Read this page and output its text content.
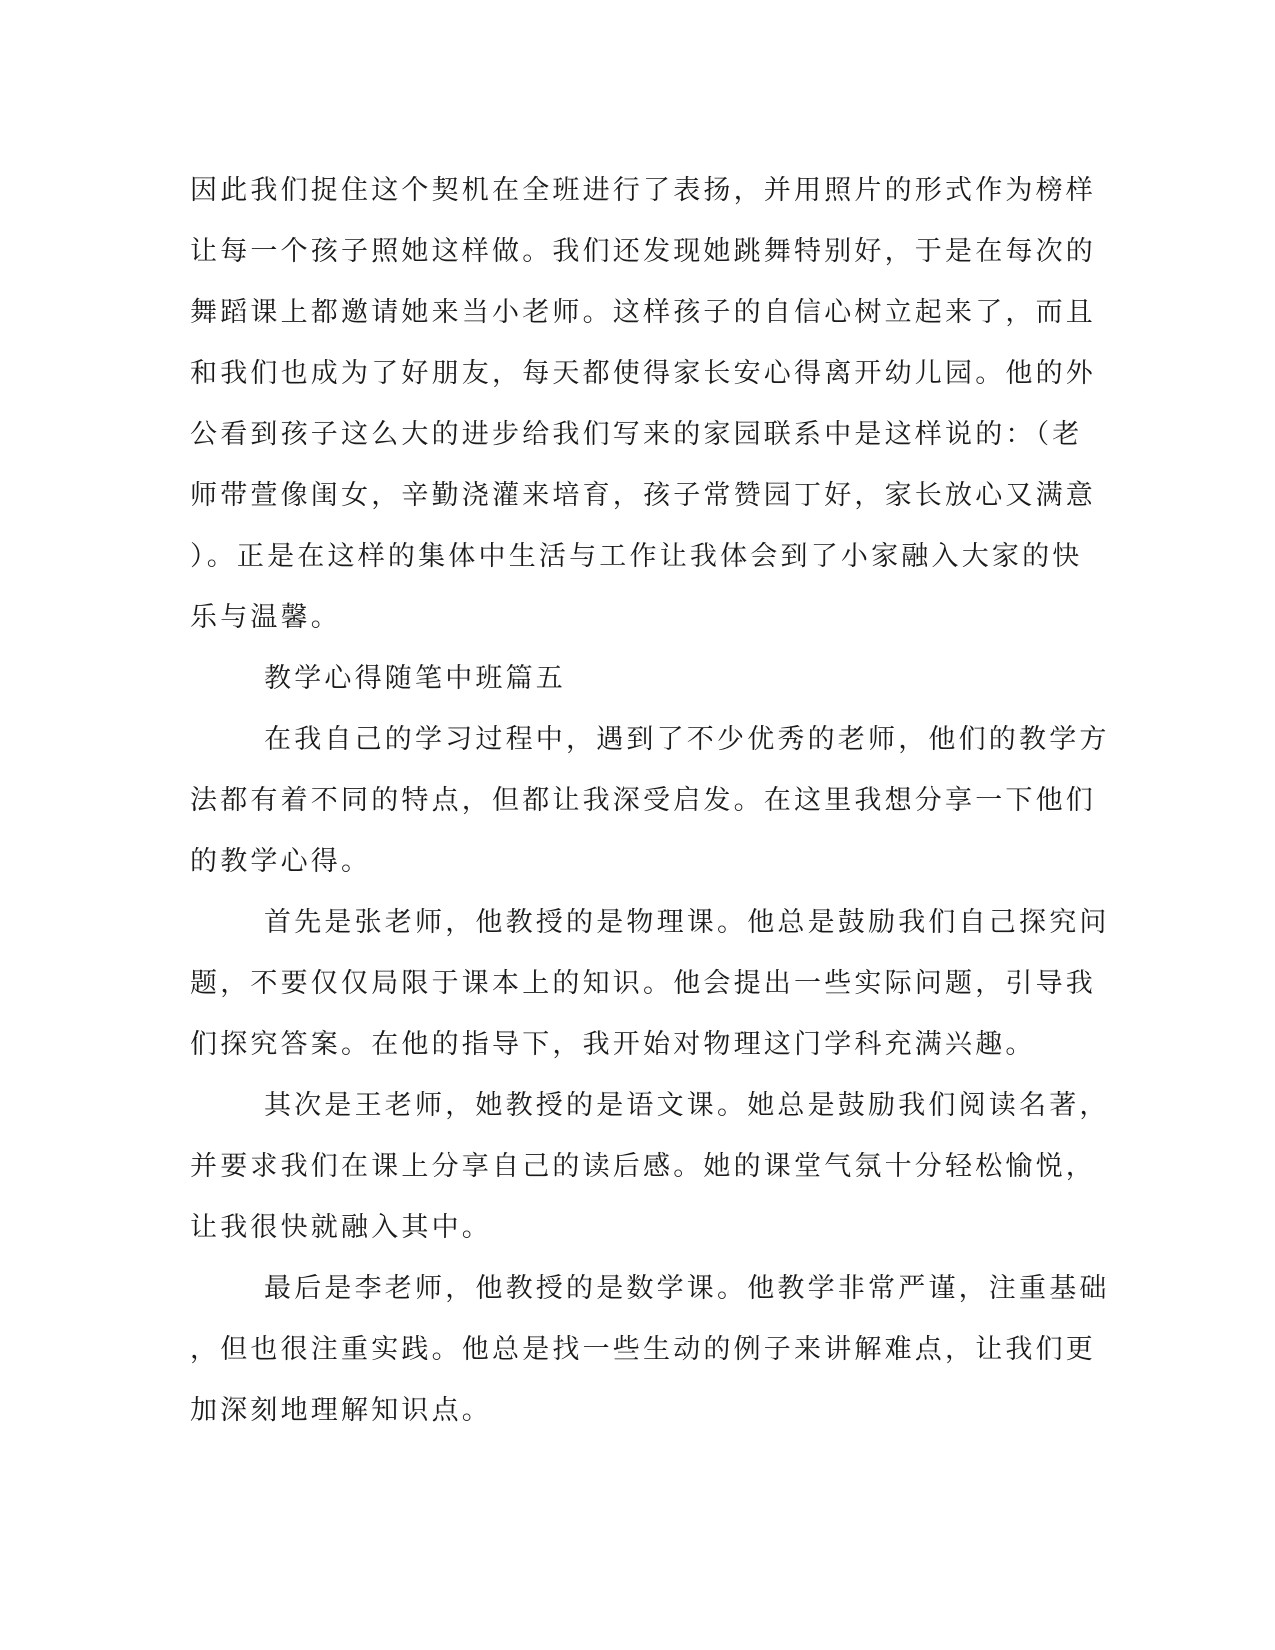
因此我们捉住这个契机在全班进行了表扬，并用照片的形式作为榜样
让每一个孩子照她这样做。我们还发现她跳舞特别好，于是在每次的
舞蹈课上都邀请她来当小老师。这样孩子的自信心树立起来了，而且
和我们也成为了好朋友，每天都使得家长安心得离开幼儿园。他的外
公看到孩子这么大的进步给我们写来的家园联系中是这样说的：（老
师带萱像闺女，辛勤浇灌来培育，孩子常赞园丁好，家长放心又满意
）。正是在这样的集体中生活与工作让我体会到了小家融入大家的快
乐与温馨。
教学心得随笔中班篇五
在我自己的学习过程中，遇到了不少优秀的老师，他们的教学方
法都有着不同的特点，但都让我深受启发。在这里我想分享一下他们
的教学心得。
首先是张老师，他教授的是物理课。他总是鼓励我们自己探究问
题，不要仅仅局限于课本上的知识。他会提出一些实际问题，引导我
们探究答案。在他的指导下，我开始对物理这门学科充满兴趣。
其次是王老师，她教授的是语文课。她总是鼓励我们阅读名著，
并要求我们在课上分享自己的读后感。她的课堂气氛十分轻松愉悦，
让我很快就融入其中。
最后是李老师，他教授的是数学课。他教学非常严谨，注重基础
，但也很注重实践。他总是找一些生动的例子来讲解难点，让我们更
加深刻地理解知识点。
